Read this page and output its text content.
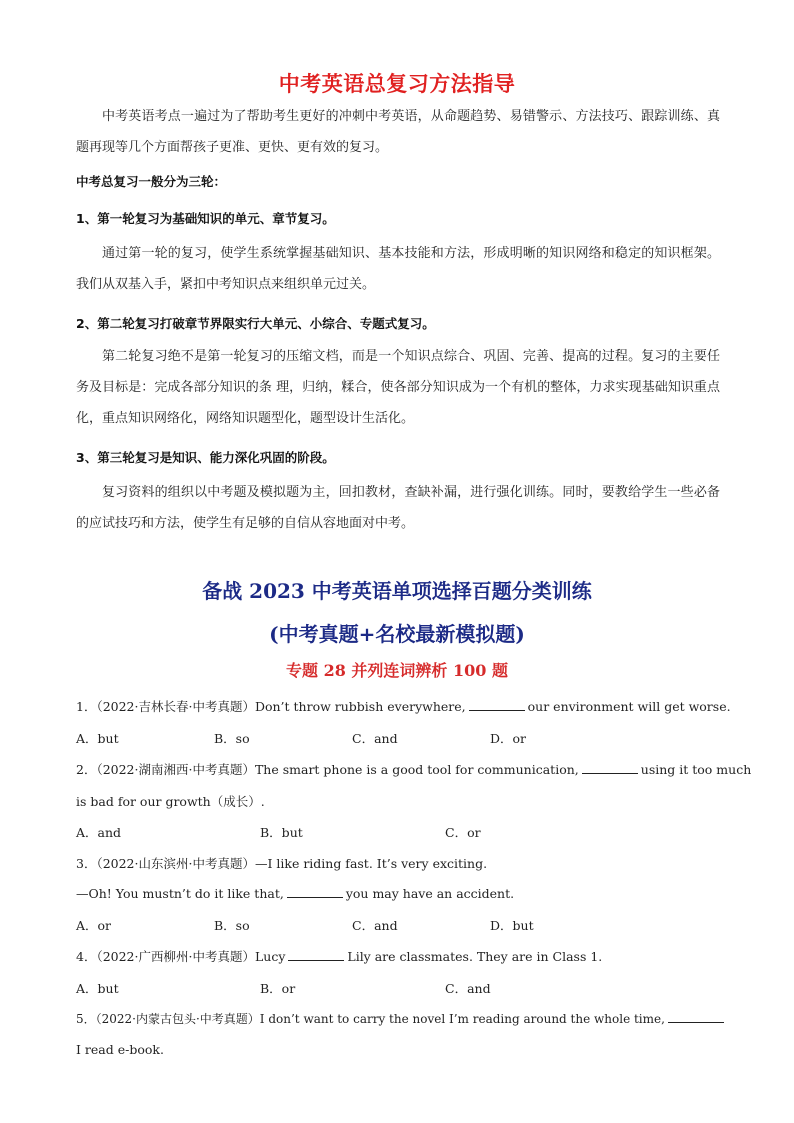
中考英语总复习方法指导
中考英语考点一遍过为了帮助考生更好的冲刺中考英语，从命题趋势、易错警示、方法技巧、跟踪训练、真题再现等几个方面帮孩子更准、更快、更有效的复习。
中考总复习一般分为三轮：
1、第一轮复习为基础知识的单元、章节复习。
通过第一轮的复习，使学生系统掌握基础知识、基本技能和方法，形成明晰的知识网络和稳定的知识框架。我们从双基入手，紧扣中考知识点来组织单元过关。
2、第二轮复习打破章节界限实行大单元、小综合、专题式复习。
第二轮复习绝不是第一轮复习的压缩文档，而是一个知识点综合、巩固、完善、提高的过程。复习的主要任务及目标是：完成各部分知识的条 理，归纳，糅合，使各部分知识成为一个有机的整体，力求实现基础知识重点化，重点知识网络化，网络知识题型化，题型设计生活化。
3、第三轮复习是知识、能力深化巩固的阶段。
复习资料的组织以中考题及模拟题为主，回扣教材，查缺补漏，进行强化训练。同时，要教给学生一些必备的应试技巧和方法，使学生有足够的自信从容地面对中考。
备战 2023 中考英语单项选择百题分类训练
(中考真题+名校最新模拟题)
专题 28 并列连词辨析 100 题
1．（2022·吉林长春·中考真题）Don’t throw rubbish everywhere,	our environment will get worse.
A．but	B．so	C．and	D．or
2．（2022·湖南湘西·中考真题）The smart phone is a good tool for communication,	using it too much
is bad for our growth（成长）.
A．and	B．but	C．or
3．（2022·山东滨州·中考真题）—I like riding fast. It’s very exciting.
—Oh! You mustn’t do it like that,	you may have an accident.
A．or	B．so	C．and	D．but
4．（2022·广西柳州·中考真题）Lucy	Lily are classmates. They are in Class 1.
A．but	B．or	C．and
5．（2022·内蒙古包头·中考真题）I don’t want to carry the novel I’m reading around the whole time,
I read e-book.
